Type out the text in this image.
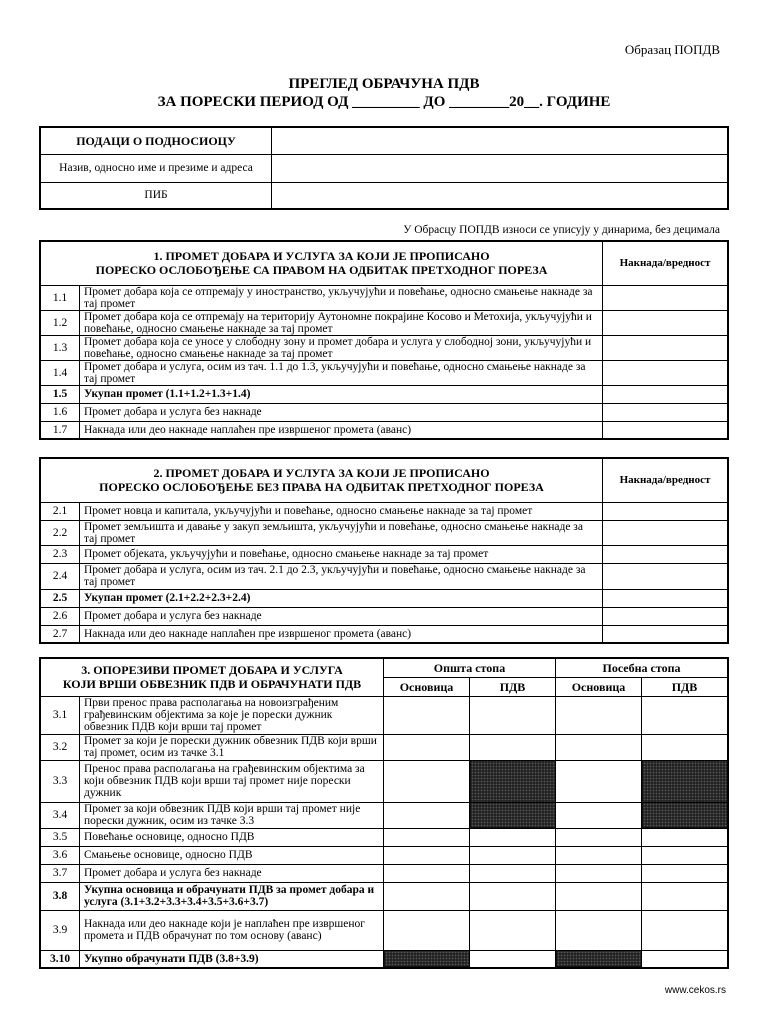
Образац ПОПДВ
ПРЕГЛЕД ОБРАЧУНА ПДВ
ЗА ПОРЕСКИ ПЕРИОД ОД _________ ДО ________20__. ГОДИНЕ
ПОДАЦИ О ПОДНОСИОЦУ	
Назив, односно име и презиме и адреса	
ПИБ	
У Обрасцу ПОПДВ износи се уписују у динарима, без децимала
1. ПРОМЕТ ДОБАРА И УСЛУГА ЗА КОЈИ ЈЕ ПРОПИСАНО
ПОРЕСКО ОСЛОБОЂЕЊЕ СА ПРАВОМ НА ОДБИТАК ПРЕТХОДНОГ ПОРЕЗА		Накнада/вредност
1.1	Промет добара која се отпремају у иностранство, укључујући и повећање, односно смањење накнаде за тај промет	
1.2	Промет добара која се отпремају на територију Аутономне покрајине Косово и Метохија, укључујући и повећање, односно смањење накнаде за тај промет	
1.3	Промет добара која се уносе у слободну зону и промет добара и услуга у слободној зони, укључујући и повећање, односно смањење накнаде за тај промет	
1.4	Промет добара и услуга, осим из тач. 1.1 до 1.3, укључујући и повећање, односно смањење накнаде за тај промет	
1.5	Укупан промет (1.1+1.2+1.3+1.4)	
1.6	Промет добара и услуга без накнаде	
1.7	Накнада или део накнаде наплаћен пре извршеног промета (аванс)	
2. ПРОМЕТ ДОБАРА И УСЛУГА ЗА КОЈИ ЈЕ ПРОПИСАНО
ПОРЕСКО ОСЛОБОЂЕЊЕ БЕЗ ПРАВА НА ОДБИТАК ПРЕТХОДНОГ ПОРЕЗА		Накнада/вредност
2.1	Промет новца и капитала, укључујући и повећање, односно смањење накнаде за тај промет	
2.2	Промет земљишта и давање у закуп земљишта, укључујући и повећање, односно смањење накнаде за тај промет	
2.3	Промет објеката, укључујући и повећање, односно смањење накнаде за тај промет	
2.4	Промет добара и услуга, осим из тач. 2.1 до 2.3, укључујући и повећање, односно смањење накнаде за тај промет	
2.5	Укупан промет (2.1+2.2+2.3+2.4)	
2.6	Промет добара и услуга без накнаде	
2.7	Накнада или део накнаде наплаћен пре извршеног промета (аванс)	
3. ОПОРЕЗИВИ ПРОМЕТ ДОБАРА И УСЛУГА
КОЈИ ВРШИ ОБВЕЗНИК ПДВ И ОБРАЧУНАТИ ПДВ		Општа стопа		Посебна стопа	
		Основица	ПДВ	Основица	ПДВ
3.1	Први пренос права располагања на новоизграђеним грађевинским објектима за које је порески дужник обвезник ПДВ који врши тај промет				
3.2	Промет за који је порески дужник обвезник ПДВ који врши тај промет, осим из тачке 3.1				
3.3	Пренос права располагања на грађевинским објектима за који обвезник ПДВ који врши тај промет није порески дужник				
3.4	Промет за који обвезник ПДВ који врши тај промет није порески дужник, осим из тачке 3.3				
3.5	Повећање основице, односно ПДВ				
3.6	Смањење основице, односно ПДВ				
3.7	Промет добара и услуга без накнаде				
3.8	Укупна основица и обрачунати ПДВ за промет добара и услуга (3.1+3.2+3.3+3.4+3.5+3.6+3.7)				
3.9	Накнада или део накнаде који је наплаћен пре извршеног промета и ПДВ обрачунат по том основу (аванс)				
3.10	Укупно обрачунати ПДВ (3.8+3.9)				
www.cekos.rs
